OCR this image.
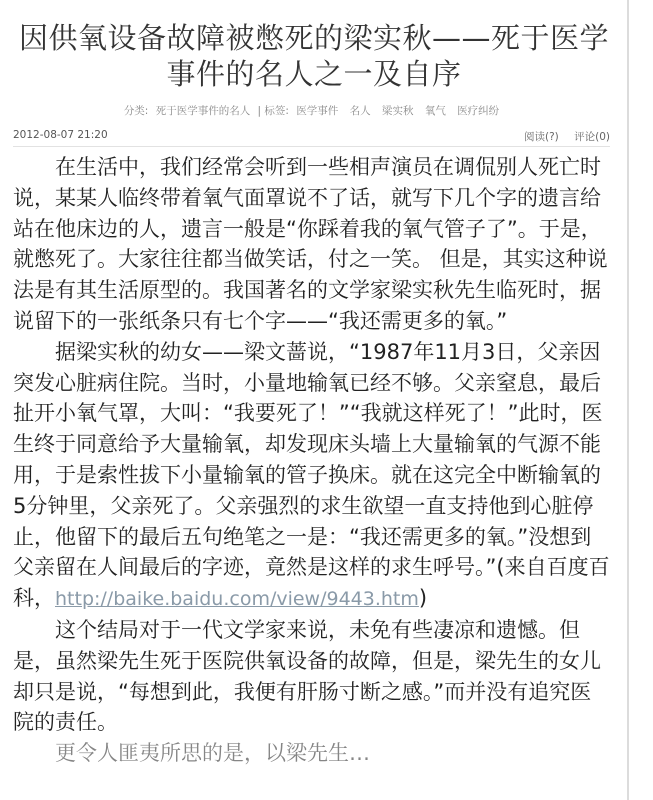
因供氧设备故障被憋死的梁实秋——死于医学事件的名人之一及自序
分类: 死于医学事件的名人 | 标签: 医学事件 名人 梁实秋 氧气 医疗纠纷
2012-08-07 21:20	阅读(?) 评论(0)

在生活中，我们经常会听到一些相声演员在调侃别人死亡时说，某某人临终带着氧气面罩说不了话，就写下几个字的遗言给站在他床边的人，遗言一般是“你踩着我的氧气管子了”。于是，就憋死了。大家往往都当做笑话，付之一笑。 但是，其实这种说法是有其生活原型的。我国著名的文学家梁实秋先生临死时，据说留下的一张纸条只有七个字——“我还需更多的氧。”

据梁实秋的幼女——梁文蔷说，“1987年11月3日，父亲因突发心脏病住院。当时，小量地输氧已经不够。父亲窒息，最后扯开小氧气罩，大叫：“我要死了！”“我就这样死了！”此时，医生终于同意给予大量输氧，却发现床头墙上大量输氧的气源不能用，于是索性拔下小量输氧的管子换床。就在这完全中断输氧的5分钟里，父亲死了。父亲强烈的求生欲望一直支持他到心脏停止，他留下的最后五句绝笔之一是：“我还需更多的氧。”没想到父亲留在人间最后的字迹，竟然是这样的求生呼号。”(来自百度百科，http://baike.baidu.com/view/9443.htm)

这个结局对于一代文学家来说，未免有些凄凉和遗憾。但是，虽然梁先生死于医院供氧设备的故障，但是，梁先生的女儿却只是说，“每想到此，我便有肝肠寸断之感。”而并没有追究医院的责任。

更令人匪夷所思的是，以梁先生…
